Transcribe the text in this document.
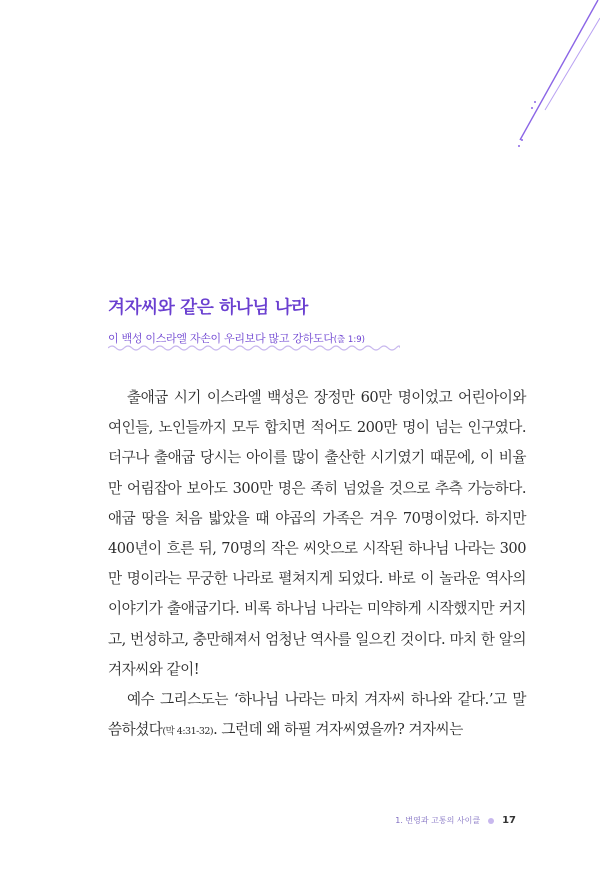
겨자씨와 같은 하나님 나라
이 백성 이스라엘 자손이 우리보다 많고 강하도다(출 1:9)

출애굽 시기 이스라엘 백성은 장정만 60만 명이었고 어린아이와 여인들, 노인들까지 모두 합치면 적어도 200만 명이 넘는 인구였다. 더구나 출애굽 당시는 아이를 많이 출산한 시기였기 때문에, 이 비율만 어림잡아 보아도 300만 명은 족히 넘었을 것으로 추측 가능하다. 애굽 땅을 처음 밟았을 때 야곱의 가족은 겨우 70명이었다. 하지만 400년이 흐른 뒤, 70명의 작은 씨앗으로 시작된 하나님 나라는 300만 명이라는 무궁한 나라로 펼쳐지게 되었다. 바로 이 놀라운 역사의 이야기가 출애굽기다. 비록 하나님 나라는 미약하게 시작했지만 커지고, 번성하고, 충만해져서 엄청난 역사를 일으킨 것이다. 마치 한 알의 겨자씨와 같이!

예수 그리스도는 ‘하나님 나라는 마치 겨자씨 하나와 같다.’고 말씀하셨다(막 4:31-32). 그런데 왜 하필 겨자씨였을까? 겨자씨는

1. 번영과 고통의 사이클 17
